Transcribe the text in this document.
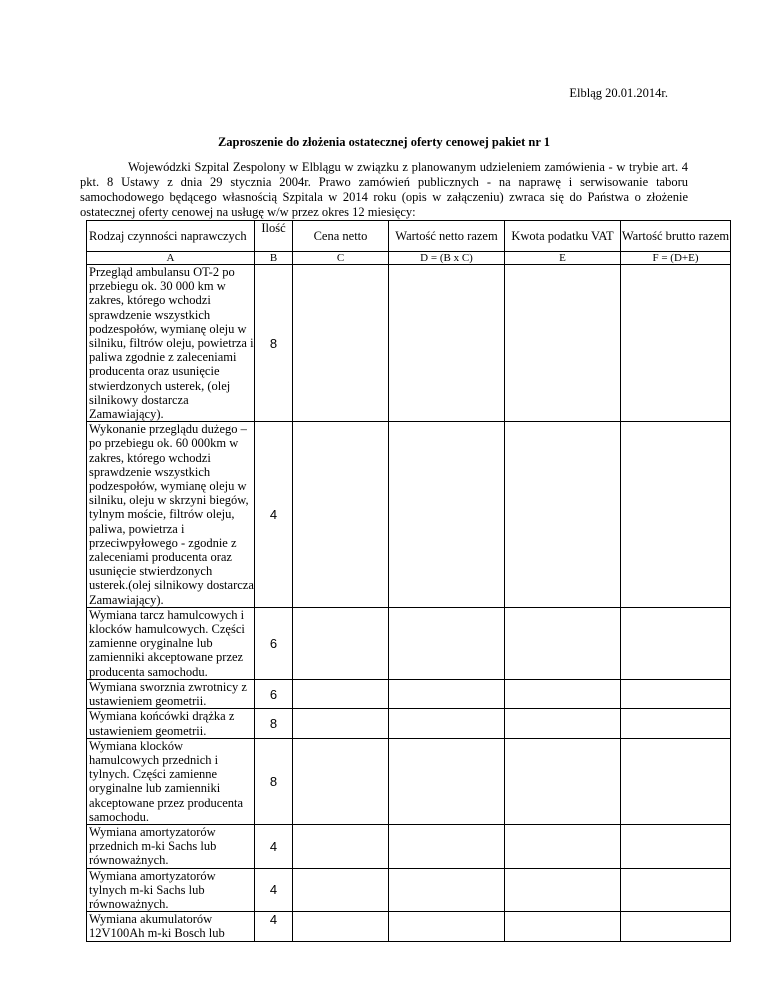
Elbląg 20.01.2014r.
Zaproszenie do złożenia ostatecznej oferty cenowej pakiet nr 1
Wojewódzki Szpital Zespolony w Elblągu w związku z planowanym udzieleniem zamówienia - w trybie art. 4 pkt. 8 Ustawy z dnia 29 stycznia 2004r. Prawo zamówień publicznych - na naprawę i serwisowanie taboru samochodowego będącego własnością Szpitala w 2014 roku (opis w załączeniu) zwraca się do Państwa o złożenie ostatecznej oferty cenowej na usługę w/w przez okres 12 miesięcy:
Rodzaj czynności naprawczych	Ilość	Cena netto	Wartość netto razem	Kwota podatku VAT	Wartość brutto razem
A	B	C	D = (B x C)	E	F = (D+E)
Przegląd ambulansu OT-2 po przebiegu ok. 30 000 km w zakres, którego wchodzi sprawdzenie wszystkich podzespołów, wymianę oleju w silniku, filtrów oleju, powietrza i paliwa zgodnie z zaleceniami producenta oraz usunięcie stwierdzonych usterek, (olej silnikowy dostarcza Zamawiający).	8				
Wykonanie przeglądu dużego – po przebiegu ok. 60 000km w zakres, którego wchodzi sprawdzenie wszystkich podzespołów, wymianę oleju w silniku, oleju w skrzyni biegów, tylnym moście, filtrów oleju, paliwa, powietrza i przeciwpyłowego - zgodnie z zaleceniami producenta oraz usunięcie stwierdzonych usterek.(olej silnikowy dostarcza Zamawiający).	4				
Wymiana tarcz hamulcowych i klocków hamulcowych. Części zamienne oryginalne lub zamienniki akceptowane przez producenta samochodu.	6				
Wymiana sworznia zwrotnicy z ustawieniem geometrii.	6				
Wymiana końcówki drążka z ustawieniem geometrii.	8				
Wymiana klocków hamulcowych przednich i tylnych. Części zamienne oryginalne lub zamienniki akceptowane przez producenta samochodu.	8				
Wymiana amortyzatorów przednich m-ki Sachs lub równoważnych.	4				
Wymiana amortyzatorów tylnych m-ki Sachs lub równoważnych.	4				
Wymiana akumulatorów 12V100Ah m-ki Bosch lub	4				
